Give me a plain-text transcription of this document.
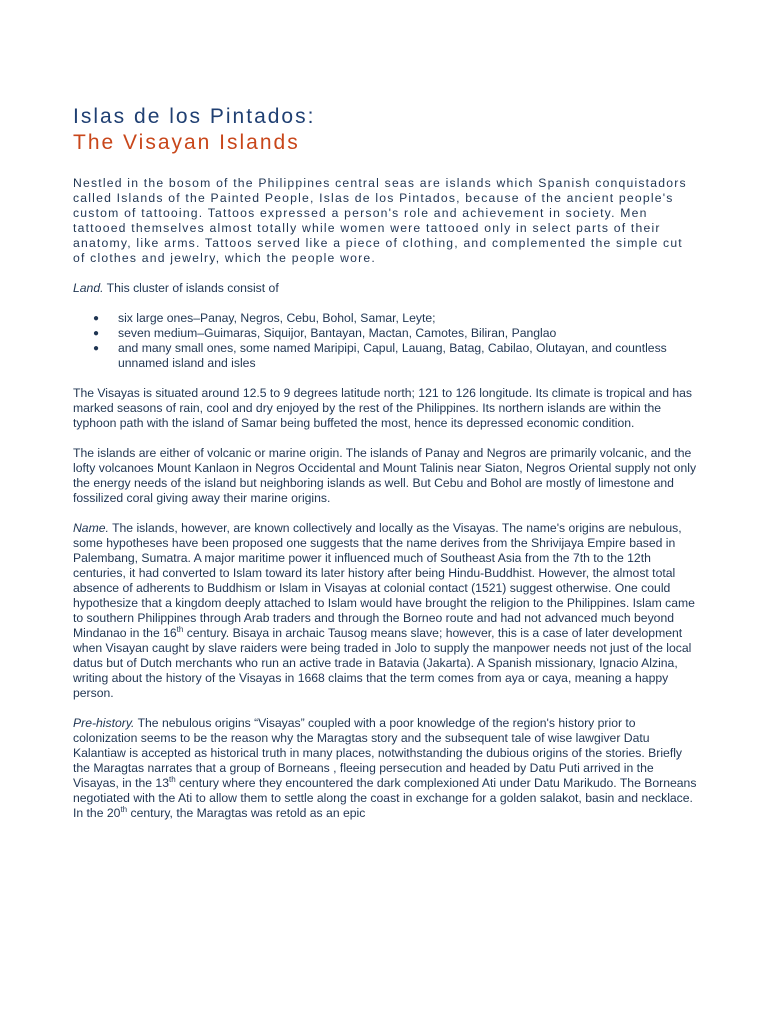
Islas de los Pintados:
The Visayan Islands

Nestled in the bosom of the Philippines central seas are islands which Spanish conquistadors called Islands of the Painted People, Islas de los Pintados, because of the ancient people's custom of tattooing. Tattoos expressed a person's role and achievement in society. Men tattooed themselves almost totally while women were tattooed only in select parts of their anatomy, like arms. Tattoos served like a piece of clothing, and complemented the simple cut of clothes and jewelry, which the people wore.

Land. This cluster of islands consist of

● six large ones–Panay, Negros, Cebu, Bohol, Samar, Leyte;
● seven medium–Guimaras, Siquijor, Bantayan, Mactan, Camotes, Biliran, Panglao
● and many small ones, some named Maripipi, Capul, Lauang, Batag, Cabilao, Olutayan, and countless unnamed island and isles

The Visayas is situated around 12.5 to 9 degrees latitude north; 121 to 126 longitude. Its climate is tropical and has marked seasons of rain, cool and dry enjoyed by the rest of the Philippines. Its northern islands are within the typhoon path with the island of Samar being buffeted the most, hence its depressed economic condition.

The islands are either of volcanic or marine origin. The islands of Panay and Negros are primarily volcanic, and the lofty volcanoes Mount Kanlaon in Negros Occidental and Mount Talinis near Siaton, Negros Oriental supply not only the energy needs of the island but neighboring islands as well. But Cebu and Bohol are mostly of limestone and fossilized coral giving away their marine origins.

Name. The islands, however, are known collectively and locally as the Visayas. The name's origins are nebulous, some hypotheses have been proposed one suggests that the name derives from the Shrivijaya Empire based in Palembang, Sumatra. A major maritime power it influenced much of Southeast Asia from the 7th to the 12th centuries, it had converted to Islam toward its later history after being Hindu-Buddhist. However, the almost total absence of adherents to Buddhism or Islam in Visayas at colonial contact (1521) suggest otherwise. One could hypothesize that a kingdom deeply attached to Islam would have brought the religion to the Philippines. Islam came to southern Philippines through Arab traders and through the Borneo route and had not advanced much beyond Mindanao in the 16th century. Bisaya in archaic Tausog means slave; however, this is a case of later development when Visayan caught by slave raiders were being traded in Jolo to supply the manpower needs not just of the local datus but of Dutch merchants who run an active trade in Batavia (Jakarta). A Spanish missionary, Ignacio Alzina, writing about the history of the Visayas in 1668 claims that the term comes from aya or caya, meaning a happy person.

Pre-history. The nebulous origins “Visayas” coupled with a poor knowledge of the region's history prior to colonization seems to be the reason why the Maragtas story and the subsequent tale of wise lawgiver Datu Kalantiaw is accepted as historical truth in many places, notwithstanding the dubious origins of the stories. Briefly the Maragtas narrates that a group of Borneans , fleeing persecution and headed by Datu Puti arrived in the Visayas, in the 13th century where they encountered the dark complexioned Ati under Datu Marikudo. The Borneans negotiated with the Ati to allow them to settle along the coast in exchange for a golden salakot, basin and necklace. In the 20th century, the Maragtas was retold as an epic
